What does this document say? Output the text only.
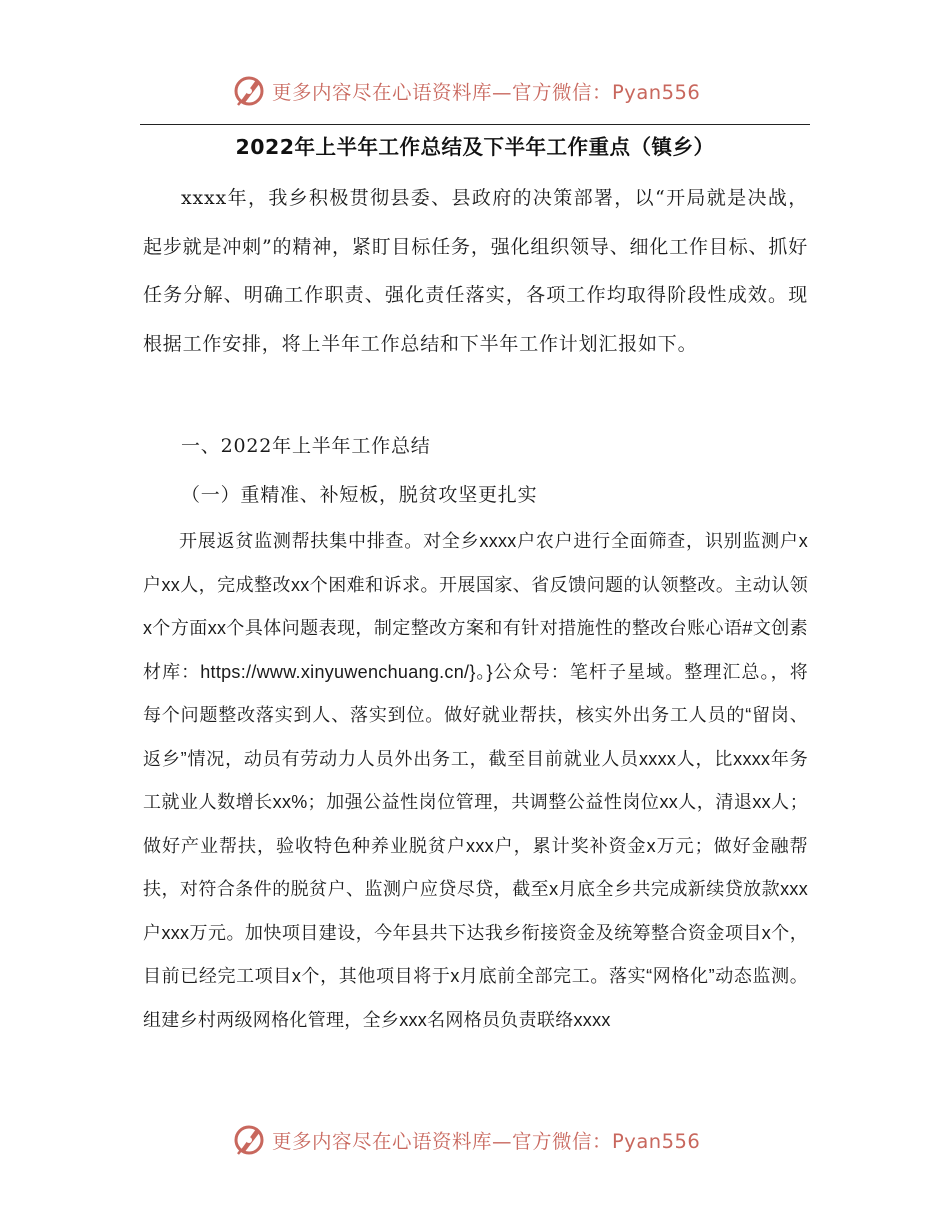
更多内容尽在心语资料库—官方微信：Pyan556
2022年上半年工作总结及下半年工作重点（镇乡）

xxxx年，我乡积极贯彻县委、县政府的决策部署，以“开局就是决战，起步就是冲刺”的精神，紧盯目标任务，强化组织领导、细化工作目标、抓好任务分解、明确工作职责、强化责任落实，各项工作均取得阶段性成效。现根据工作安排，将上半年工作总结和下半年工作计划汇报如下。

一、2022年上半年工作总结
（一）重精准、补短板，脱贫攻坚更扎实

开展返贫监测帮扶集中排查。对全乡xxxx户农户进行全面筛查，识别监测户x户xx人，完成整改xx个困难和诉求。开展国家、省反馈问题的认领整改。主动认领x个方面xx个具体问题表现，制定整改方案和有针对措施性的整改台账心语#文创素材库：https://www.xinyuwenchuang.cn/}。}公众号：笔杆子星域。整理汇总。，将每个问题整改落实到人、落实到位。做好就业帮扶，核实外出务工人员的“留岗、返乡”情况，动员有劳动力人员外出务工，截至目前就业人员xxxx人，比xxxx年务工就业人数增长xx%；加强公益性岗位管理，共调整公益性岗位xx人，清退xx人；做好产业帮扶，验收特色种养业脱贫户xxx户，累计奖补资金x万元；做好金融帮扶，对符合条件的脱贫户、监测户应贷尽贷，截至x月底全乡共完成新续贷放款xxx户xxx万元。加快项目建设，今年县共下达我乡衔接资金及统筹整合资金项目x个，目前已经完工项目x个，其他项目将于x月底前全部完工。落实“网格化”动态监测。组建乡村两级网格化管理，全乡xxx名网格员负责联络xxxx

更多内容尽在心语资料库—官方微信：Pyan556
